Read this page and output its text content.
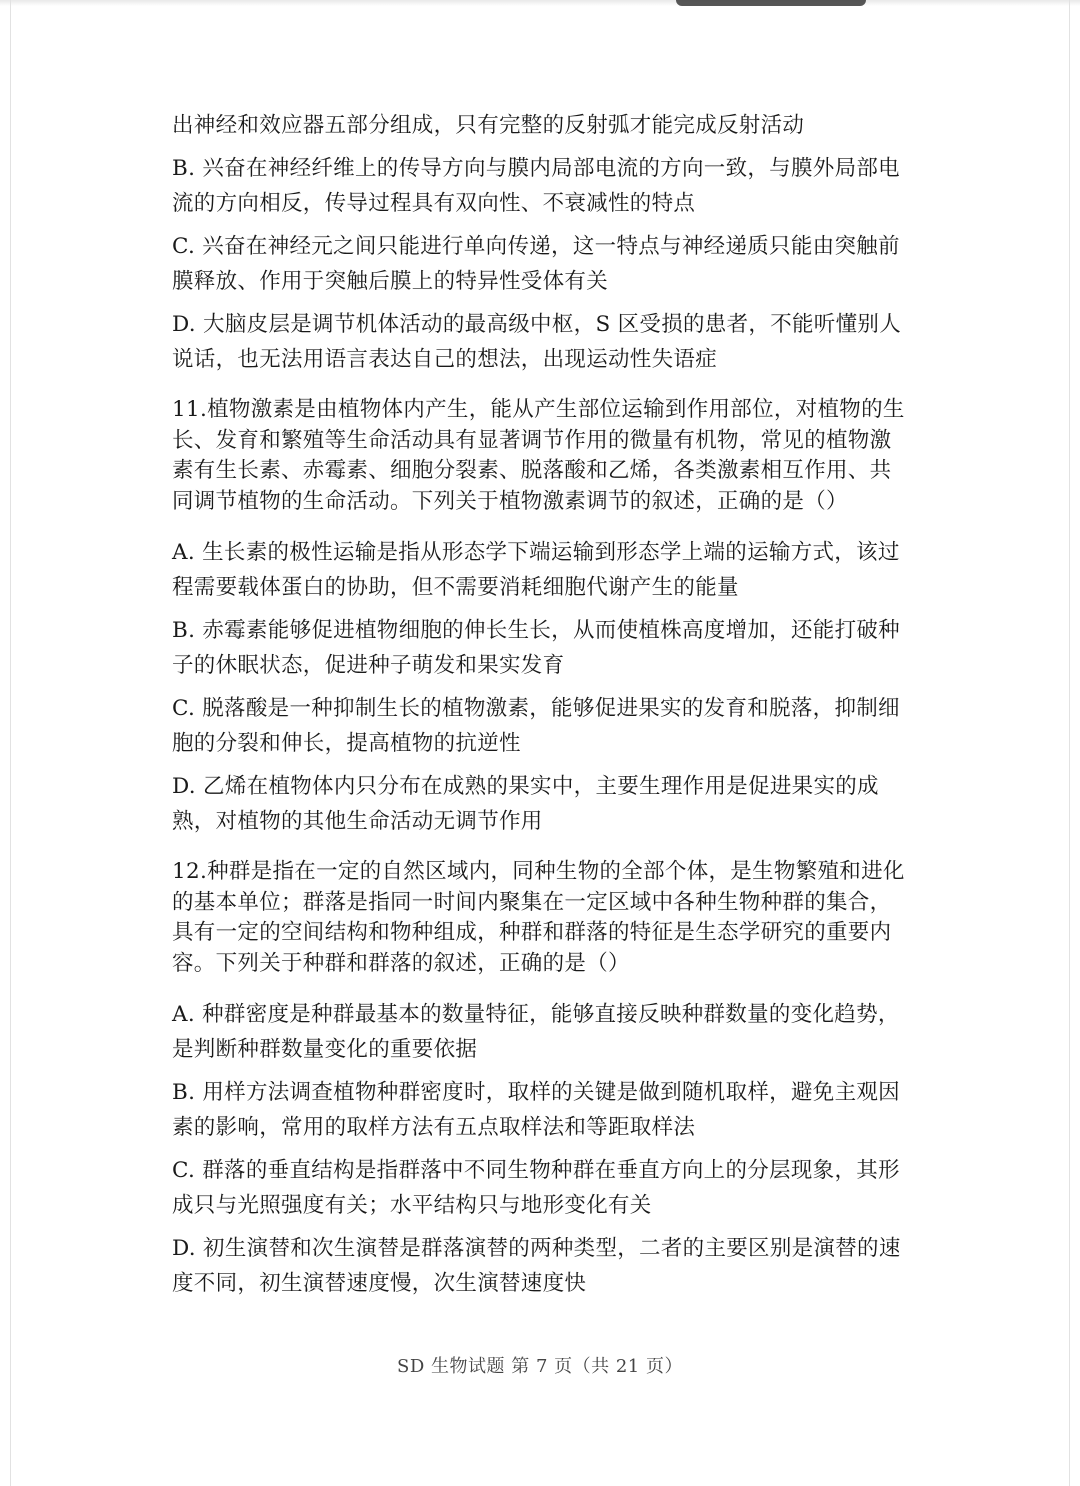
出神经和效应器五部分组成，只有完整的反射弧才能完成反射活动

B. 兴奋在神经纤维上的传导方向与膜内局部电流的方向一致，与膜外局部电流的方向相反，传导过程具有双向性、不衰减性的特点

C. 兴奋在神经元之间只能进行单向传递，这一特点与神经递质只能由突触前膜释放、作用于突触后膜上的特异性受体有关

D. 大脑皮层是调节机体活动的最高级中枢，S 区受损的患者，不能听懂别人说话，也无法用语言表达自己的想法，出现运动性失语症

11.植物激素是由植物体内产生，能从产生部位运输到作用部位，对植物的生长、发育和繁殖等生命活动具有显著调节作用的微量有机物，常见的植物激素有生长素、赤霉素、细胞分裂素、脱落酸和乙烯，各类激素相互作用、共同调节植物的生命活动。下列关于植物激素调节的叙述，正确的是（）

A. 生长素的极性运输是指从形态学下端运输到形态学上端的运输方式，该过程需要载体蛋白的协助，但不需要消耗细胞代谢产生的能量

B. 赤霉素能够促进植物细胞的伸长生长，从而使植株高度增加，还能打破种子的休眠状态，促进种子萌发和果实发育

C. 脱落酸是一种抑制生长的植物激素，能够促进果实的发育和脱落，抑制细胞的分裂和伸长，提高植物的抗逆性

D. 乙烯在植物体内只分布在成熟的果实中，主要生理作用是促进果实的成熟，对植物的其他生命活动无调节作用

12.种群是指在一定的自然区域内，同种生物的全部个体，是生物繁殖和进化的基本单位；群落是指同一时间内聚集在一定区域中各种生物种群的集合，具有一定的空间结构和物种组成，种群和群落的特征是生态学研究的重要内容。下列关于种群和群落的叙述，正确的是（）

A. 种群密度是种群最基本的数量特征，能够直接反映种群数量的变化趋势，是判断种群数量变化的重要依据

B. 用样方法调查植物种群密度时，取样的关键是做到随机取样，避免主观因素的影响，常用的取样方法有五点取样法和等距取样法

C. 群落的垂直结构是指群落中不同生物种群在垂直方向上的分层现象，其形成只与光照强度有关；水平结构只与地形变化有关

D. 初生演替和次生演替是群落演替的两种类型，二者的主要区别是演替的速度不同，初生演替速度慢，次生演替速度快

SD 生物试题 第 7 页（共 21 页）
